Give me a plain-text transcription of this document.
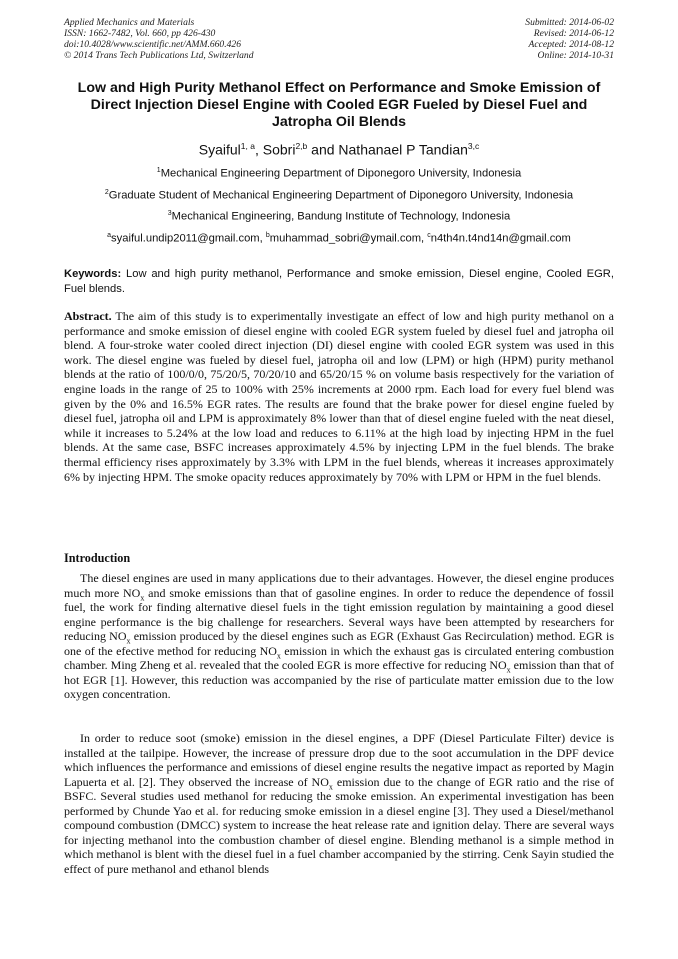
Applied Mechanics and Materials
ISSN: 1662-7482, Vol. 660, pp 426-430
doi:10.4028/www.scientific.net/AMM.660.426
© 2014 Trans Tech Publications Ltd, Switzerland
Submitted: 2014-06-02
Revised: 2014-06-12
Accepted: 2014-08-12
Online: 2014-10-31
Low and High Purity Methanol Effect on Performance and Smoke Emission of Direct Injection Diesel Engine with Cooled EGR Fueled by Diesel Fuel and Jatropha Oil Blends
Syaiful$^{1, a}$, Sobri$^{2,b}$ and Nathanael P Tandian$^{3,c}$
$^1$Mechanical Engineering Department of Diponegoro University, Indonesia
$^2$Graduate Student of Mechanical Engineering Department of Diponegoro University, Indonesia
$^3$Mechanical Engineering, Bandung Institute of Technology, Indonesia
$^a$syaiful.undip2011@gmail.com, $^b$muhammad_sobri@ymail.com, $^c$n4th4n.t4nd14n@gmail.com

Keywords: Low and high purity methanol, Performance and smoke emission, Diesel engine, Cooled EGR, Fuel blends.

Abstract. The aim of this study is to experimentally investigate an effect of low and high purity methanol on a performance and smoke emission of diesel engine with cooled EGR system fueled by diesel fuel and jatropha oil blend. A four-stroke water cooled direct injection (DI) diesel engine with cooled EGR system was used in this work. The diesel engine was fueled by diesel fuel, jatropha oil and low (LPM) or high (HPM) purity methanol blends at the ratio of 100/0/0, 75/20/5, 70/20/10 and 65/20/15 % on volume basis respectively for the variation of engine loads in the range of 25 to 100% with 25% increments at 2000 rpm. Each load for every fuel blend was given by the 0% and 16.5% EGR rates. The results are found that the brake power for diesel engine fueled by diesel fuel, jatropha oil and LPM is approximately 8% lower than that of diesel engine fueled with the neat diesel, while it increases to 5.24% at the low load and reduces to 6.11% at the high load by injecting HPM in the fuel blends. At the same case, BSFC increases approximately 4.5% by injecting LPM in the fuel blends. The brake thermal efficiency rises approximately by 3.3% with LPM in the fuel blends, whereas it increases approximately 6% by injecting HPM. The smoke opacity reduces approximately by 70% with LPM or HPM in the fuel blends.

Introduction

The diesel engines are used in many applications due to their advantages. However, the diesel engine produces much more $NO_x$ and smoke emissions than that of gasoline engines. In order to reduce the dependence of fossil fuel, the work for finding alternative diesel fuels in the tight emission regulation by maintaining a good diesel engine performance is the big challenge for researchers. Several ways have been attempted by researchers for reducing $NO_x$ emission produced by the diesel engines such as EGR (Exhaust Gas Recirculation) method. EGR is one of the efective method for reducing $NO_x$ emission in which the exhaust gas is circulated entering combustion chamber. Ming Zheng et al. revealed that the cooled EGR is more effective for reducing $NO_x$ emission than that of hot EGR [1]. However, this reduction was accompanied by the rise of particulate matter emission due to the low oxygen concentration.

In order to reduce soot (smoke) emission in the diesel engines, a DPF (Diesel Particulate Filter) device is installed at the tailpipe. However, the increase of pressure drop due to the soot accumulation in the DPF device which influences the performance and emissions of diesel engine results the negative impact as reported by Magin Lapuerta et al. [2]. They observed the increase of $NO_x$ emission due to the change of EGR ratio and the rise of BSFC. Several studies used methanol for reducing the smoke emission. An experimental investigation has been performed by Chunde Yao et al. for reducing smoke emission in a diesel engine [3]. They used a Diesel/methanol compound combustion (DMCC) system to increase the heat release rate and ignition delay. There are several ways for injecting methanol into the combustion chamber of diesel engine. Blending methanol is a simple method in which methanol is blent with the diesel fuel in a fuel chamber accompanied by the stirring. Cenk Sayin studied the effect of pure methanol and ethanol blends
